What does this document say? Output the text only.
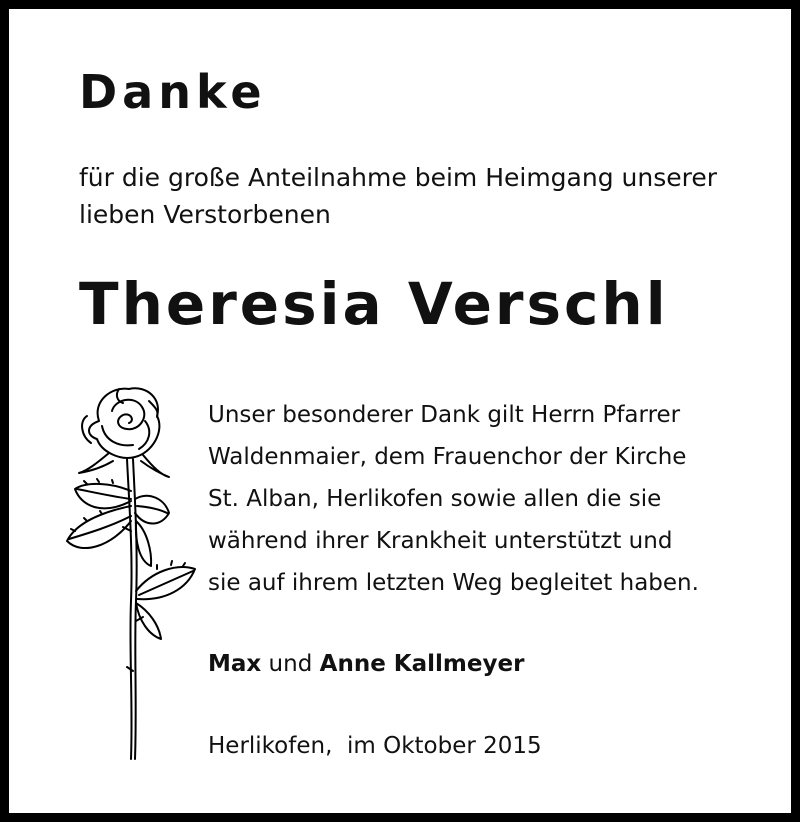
Danke
für die große Anteilnahme beim Heimgang unserer
lieben Verstorbenen
Theresia Verschl
Unser besonderer Dank gilt Herrn Pfarrer
Waldenmaier, dem Frauenchor der Kirche
St. Alban, Herlikofen sowie allen die sie
während ihrer Krankheit unterstützt und
sie auf ihrem letzten Weg begleitet haben.
Max und Anne Kallmeyer
Herlikofen,  im Oktober 2015
